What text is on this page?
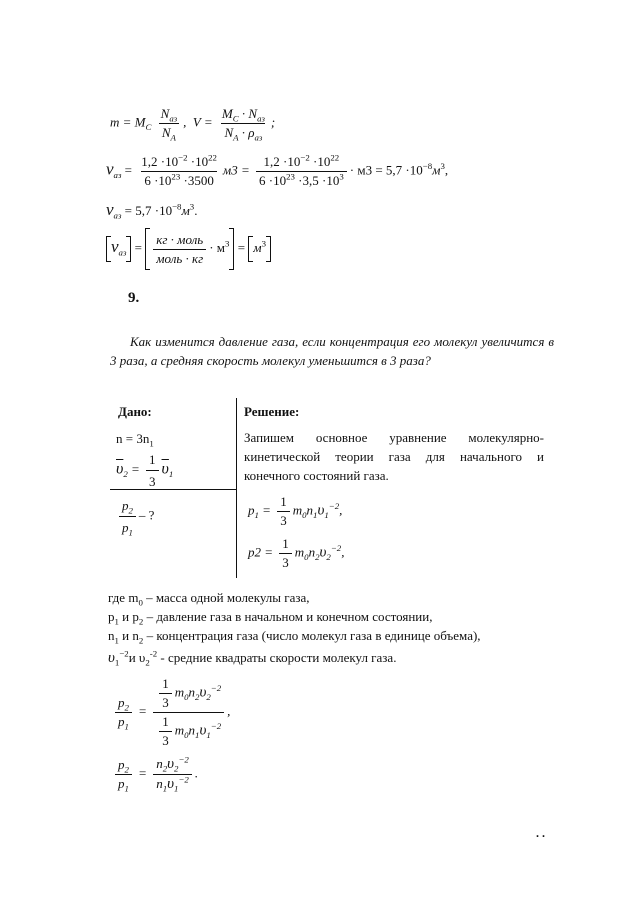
$m = M_C \frac{N_{аз}}{N_A}$ , $V = \frac{M_C \cdot N_{аз}}{N_A \cdot \rho_{аз}}$ ;
$\nu_{аз} = \frac{1,2 \cdot 10^{-2} \cdot 10^{22}}{6 \cdot 10^{23} \cdot 3500} м3 = \frac{1,2 \cdot 10^{-2} \cdot 10^{22}}{6 \cdot 10^{23} \cdot 3,5 \cdot 10^3} \cdot м3 = 5,7 \cdot 10^{-8}м^3$,
$\nu_{аз} = 5,7 \cdot 10^{-8}м^3$.
$\nu_{аз} = \frac{\text{кг · моль}}{\text{моль · кг}} \cdot м^3 = м^3$
9.
Как изменится давление газа, если концентрация его молекул увеличится в 3 раза, а средняя скорость молекул уменьшится в 3 раза?
Дано:
$n = 3n_1$
$\overline{\upsilon}_2 = \frac{1}{3} \overline{\upsilon}_1$
$\frac{p_2}{p_1}$ – ?
Решение:
Запишем основное уравнение молекулярно-кинетической теории газа для начального и конечного состояний газа.
$p_1 = \frac{1}{3} m_0n_1\upsilon_1^{-2}$,
$p2 = \frac{1}{3} m_0n_2\upsilon_2^{-2}$,
где $m_0$ – масса одной молекулы газа,
$p_1$ и $p_2$ – давление газа в начальном и конечном состоянии,
$n_1$ и $n_2$ – концентрация газа (число молекул газа в единице объема),
$\upsilon_1^{-2}и$ $\upsilon_2^{-2}$ - средние квадраты скорости молекул газа.
$\frac{p_2}{p_1} = \frac{\frac{1}{3} m_0n_2\upsilon_2^{-2}}{\frac{1}{3} m_0n_1\upsilon_1^{-2}}$ ,
$\frac{p_2}{p_1} = \frac{n_2\upsilon_2^{-2}}{n_1\upsilon_1^{-2}}$ .
. .
